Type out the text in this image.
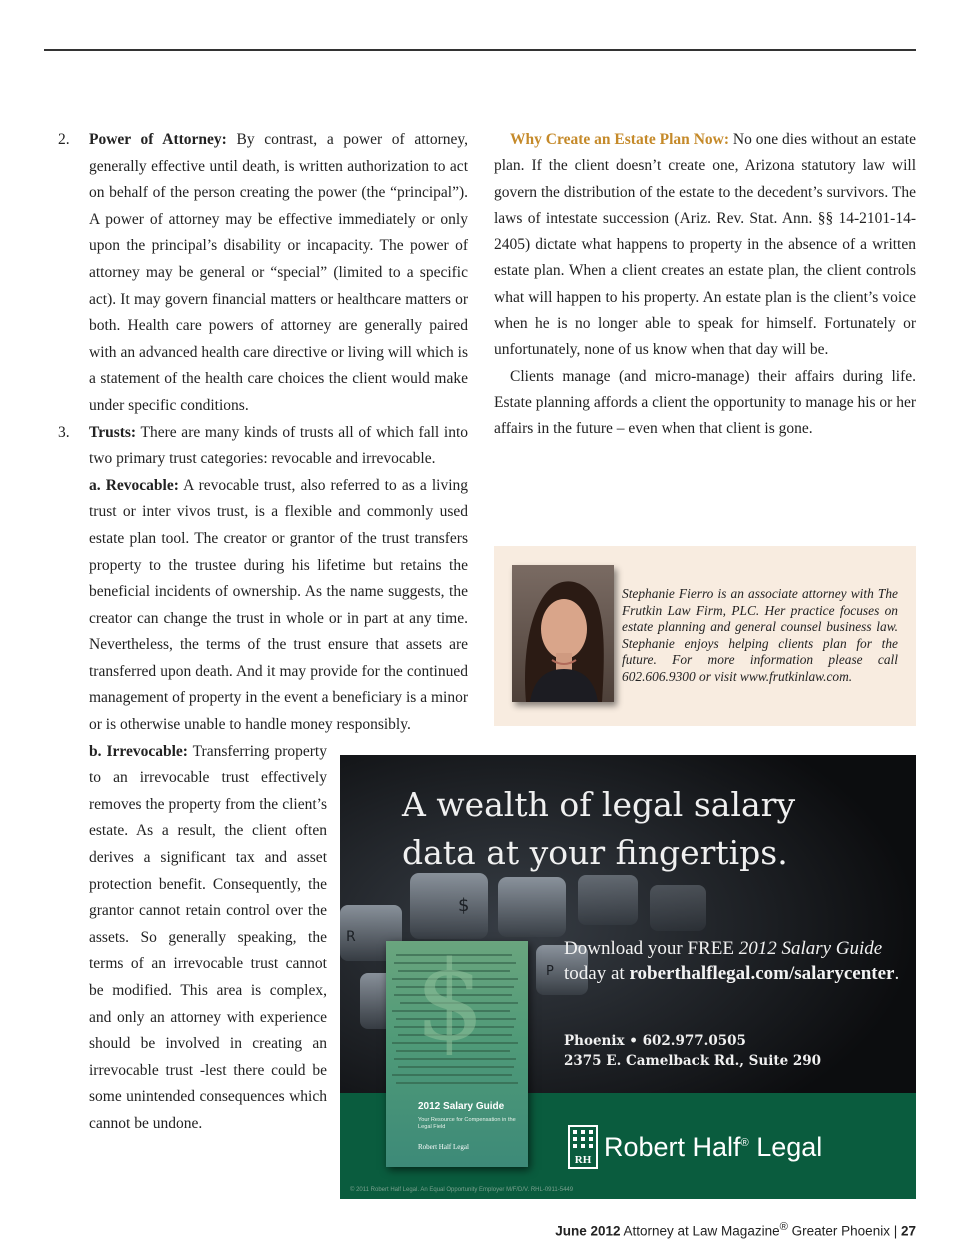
2. Power of Attorney: By contrast, a power of attorney, generally effective until death, is written authorization to act on behalf of the person creating the power (the “principal”). A power of attorney may be effective immediately or only upon the principal’s disability or incapacity. The power of attorney may be general or “special” (limited to a specific act). It may govern financial matters or healthcare matters or both. Health care powers of attorney are generally paired with an advanced health care directive or living will which is a statement of the health care choices the client would make under specific conditions.
3. Trusts: There are many kinds of trusts all of which fall into two primary trust categories: revocable and irrevocable.
a. Revocable: A revocable trust, also referred to as a living trust or inter vivos trust, is a flexible and commonly used estate plan tool. The creator or grantor of the trust transfers property to the trustee during his lifetime but retains the beneficial incidents of ownership. As the name suggests, the creator can change the trust in whole or in part at any time. Nevertheless, the terms of the trust ensure that assets are transferred upon death. And it may provide for the continued management of property in the event a beneficiary is a minor or is otherwise unable to handle money responsibly.
b. Irrevocable: Transferring property to an irrevocable trust effectively removes the property from the client’s estate. As a result, the client often derives a significant tax and asset protection benefit. Consequently, the grantor cannot retain control over the assets. So generally speaking, the terms of an irrevocable trust cannot be modified. This area is complex, and only an attorney with experience should be involved in creating an irrevocable trust -lest there could be some unintended consequences which cannot be undone.

Why Create an Estate Plan Now: No one dies without an estate plan. If the client doesn’t create one, Arizona statutory law will govern the distribution of the estate to the decedent’s survivors. The laws of intestate succession (Ariz. Rev. Stat. Ann. §§ 14-2101-14-2405) dictate what happens to property in the absence of a written estate plan. When a client creates an estate plan, the client controls what will happen to his property. An estate plan is the client’s voice when he is no longer able to speak for himself. Fortunately or unfortunately, none of us know when that day will be.

Clients manage (and micro-manage) their affairs during life. Estate planning affords a client the opportunity to manage his or her affairs in the future – even when that client is gone.

Stephanie Fierro is an associate attorney with The Frutkin Law Firm, PLC. Her practice focuses on estate planning and general counsel business law. Stephanie enjoys helping clients plan for the future. For more information please call 602.606.9300 or visit www.frutkinlaw.com.
$
R
P
A wealth of legal salary
data at your fingertips.
Download your FREE 2012 Salary Guide
today at roberthalflegal.com/salarycenter.
Phoenix • 602.977.0505
2375 E. Camelback Rd., Suite 290
$
2012 Salary Guide
Your Resource for Compensation in the Legal Field
Robert Half Legal
RH Robert Half® Legal
© 2011 Robert Half Legal. An Equal Opportunity Employer M/F/D/V. RHL-0911-5449
June 2012 Attorney at Law Magazine® Greater Phoenix | 27
